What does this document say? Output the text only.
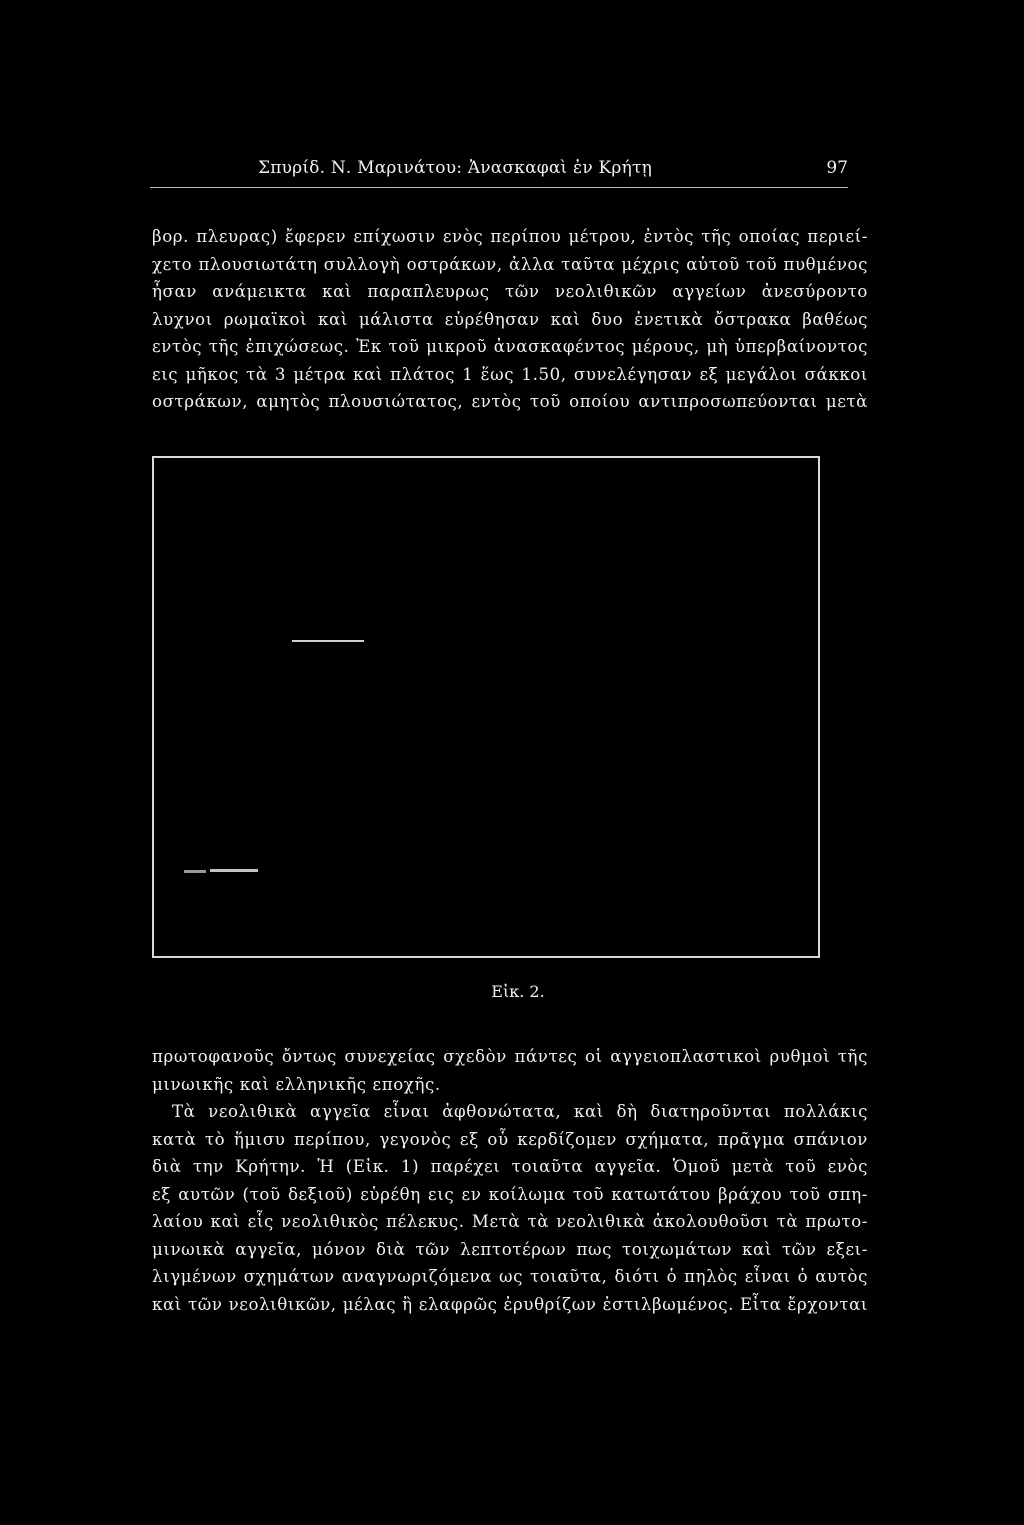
Σπυρίδ. Ν. Μαρινάτου: Ἀνασκαφαὶ ἐν Κρήτῃ	97
βορ. πλευρας) ἔφερεν επίχωσιν ενὸς περίπου μέτρου, ἐντὸς τῆς οποίας περιεί-
χετο πλουσιωτάτη συλλογὴ οστράκων, ἀλλα ταῦτα μέχρις αὐτοῦ τοῦ πυθμένος
ἦσαν ανάμεικτα καὶ παραπλευρως τῶν νεολιθικῶν αγγείων ἀνεσύροντο
λυχνοι ρωμαϊκοὶ καὶ μάλιστα εὑρέθησαν καὶ δυο ἐνετικὰ ὄστρακα βαθέως
εντὸς τῆς ἐπιχώσεως. Ἐκ τοῦ μικροῦ ἀνασκαφέντος μέρους, μὴ ὑπερβαίνοντος
εις μῆκος τὰ 3 μέτρα καὶ πλάτος 1 ἕως 1.50, συνελέγησαν εξ μεγάλοι σάκκοι
οστράκων, αμητὸς πλουσιώτατος, εντὸς τοῦ οποίου αντιπροσωπεύονται μετὰ
Εἰκ. 2.
πρωτοφανοῦς ὄντως συνεχείας σχεδὸν πάντες οἱ αγγειοπλαστικοὶ ρυθμοὶ τῆς
μινωικῆς καὶ ελληνικῆς εποχῆς.
Τὰ νεολιθικὰ αγγεῖα εἶναι ἀφθονώτατα, καὶ δὴ διατηροῦνται πολλάκις
κατὰ τὸ ἥμισυ περίπου, γεγονὸς εξ οὗ κερδίζομεν σχήματα, πρᾶγμα σπάνιον
διὰ την Κρήτην. Ἡ (Εἰκ. 1) παρέχει τοιαῦτα αγγεῖα. Ὁμοῦ μετὰ τοῦ ενὸς
εξ αυτῶν (τοῦ δεξιοῦ) εὑρέθη εις εν κοίλωμα τοῦ κατωτάτου βράχου τοῦ σπη-
λαίου καὶ εἷς νεολιθικὸς πέλεκυς. Μετὰ τὰ νεολιθικὰ ἀκολουθοῦσι τὰ πρωτο-
μινωικὰ αγγεῖα, μόνον διὰ τῶν λεπτοτέρων πως τοιχωμάτων καὶ τῶν εξει-
λιγμένων σχημάτων αναγνωριζόμενα ως τοιαῦτα, διότι ὁ πηλὸς εἶναι ὁ αυτὸς
καὶ τῶν νεολιθικῶν, μέλας ἢ ελαφρῶς ἐρυθρίζων ἐστιλβωμένος. Εἶτα ἔρχονται
